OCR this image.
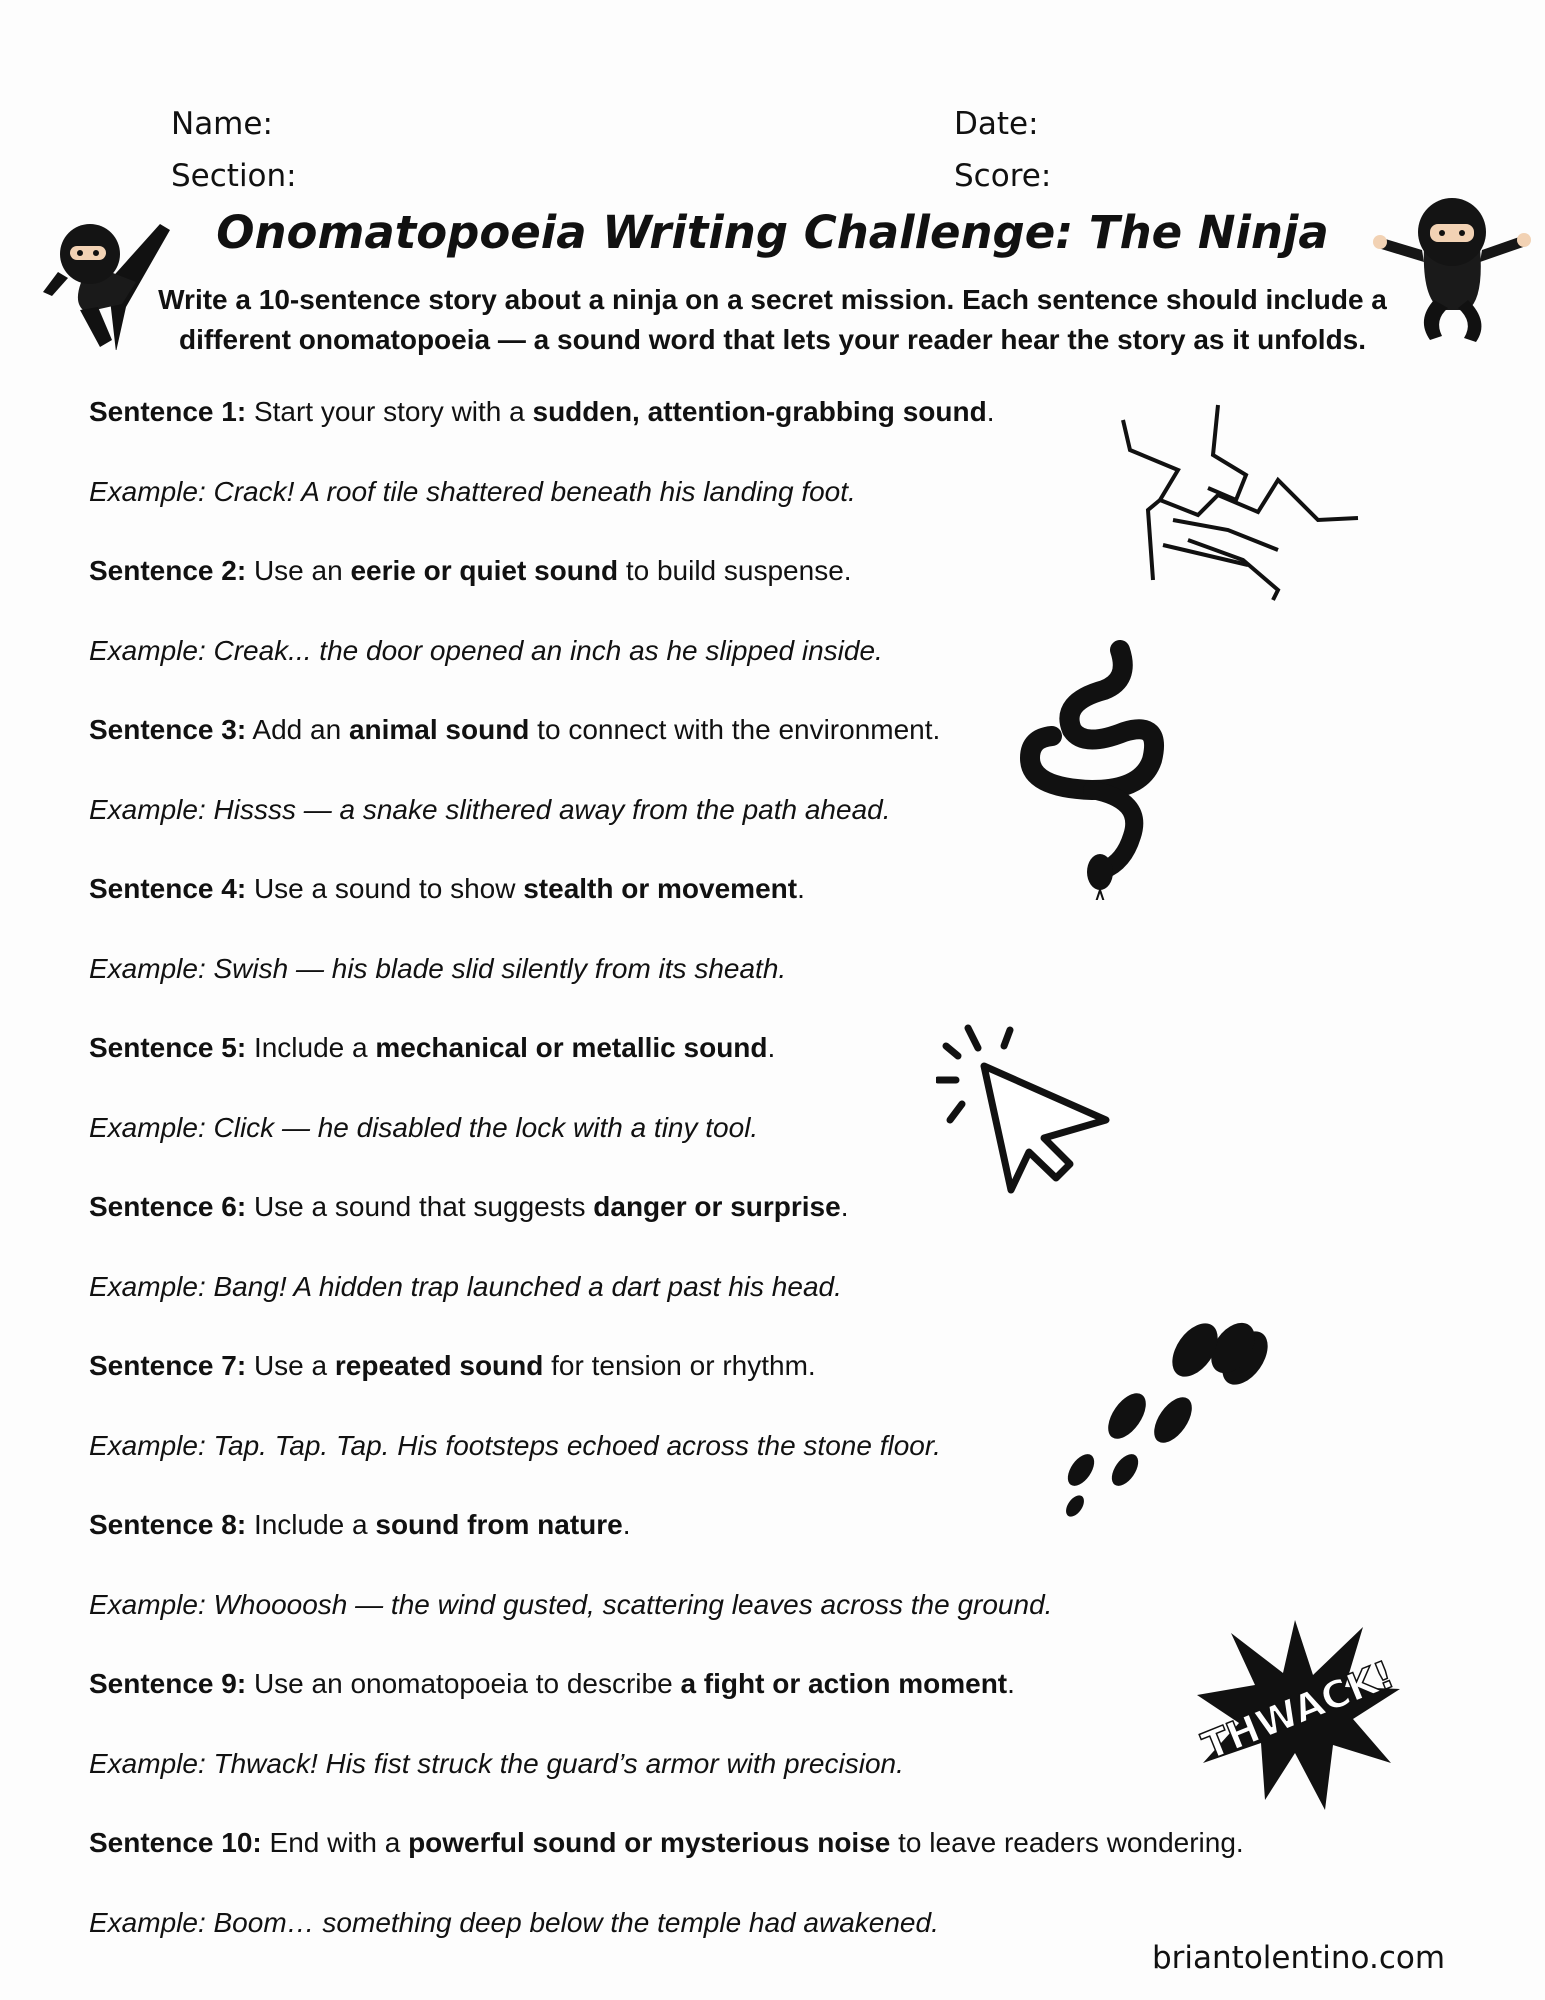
Name:
Section:
Date:
Score:
Onomatopoeia Writing Challenge: The Ninja
Write a 10-sentence story about a ninja on a secret mission. Each sentence should include a different onomatopoeia — a sound word that lets your reader hear the story as it unfolds.
Sentence 1: Start your story with a sudden, attention-grabbing sound.
Example: Crack! A roof tile shattered beneath his landing foot.
Sentence 2: Use an eerie or quiet sound to build suspense.
Example: Creak... the door opened an inch as he slipped inside.
Sentence 3: Add an animal sound to connect with the environment.
Example: Hissss — a snake slithered away from the path ahead.
Sentence 4: Use a sound to show stealth or movement.
Example: Swish — his blade slid silently from its sheath.
Sentence 5: Include a mechanical or metallic sound.
Example: Click — he disabled the lock with a tiny tool.
Sentence 6: Use a sound that suggests danger or surprise.
Example: Bang! A hidden trap launched a dart past his head.
Sentence 7: Use a repeated sound for tension or rhythm.
Example: Tap. Tap. Tap. His footsteps echoed across the stone floor.
Sentence 8: Include a sound from nature.
Example: Whoooosh — the wind gusted, scattering leaves across the ground.
Sentence 9: Use an onomatopoeia to describe a fight or action moment.
Example: Thwack! His fist struck the guard’s armor with precision.
Sentence 10: End with a powerful sound or mysterious noise to leave readers wondering.
Example: Boom… something deep below the temple had awakened.
THWACK!
briantolentino.com
